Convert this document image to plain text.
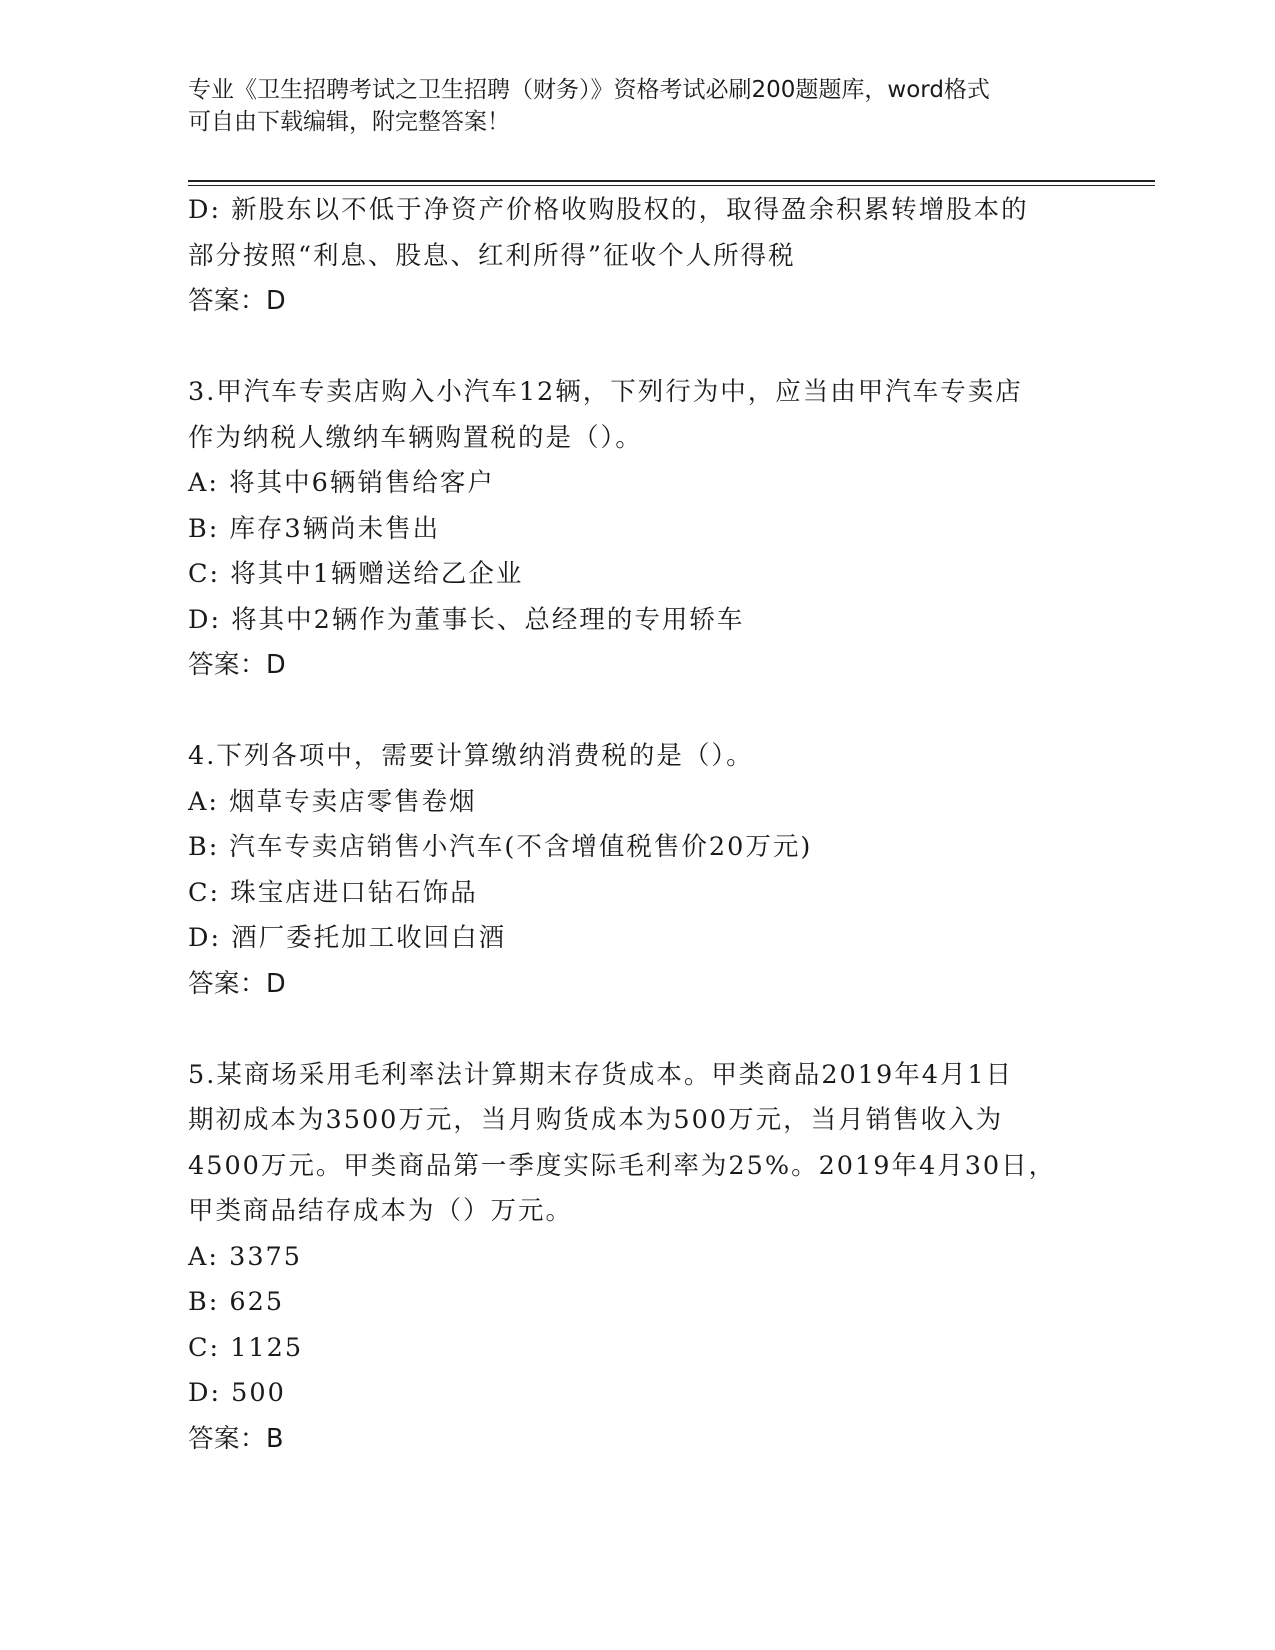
专业《卫生招聘考试之卫生招聘（财务）》资格考试必刷200题题库，word格式
可自由下载编辑，附完整答案！
D: 新股东以不低于净资产价格收购股权的，取得盈余积累转增股本的
部分按照“利息、股息、红利所得”征收个人所得税
答案：D
3.甲汽车专卖店购入小汽车12辆，下列行为中，应当由甲汽车专卖店
作为纳税人缴纳车辆购置税的是（）。
A: 将其中6辆销售给客户
B: 库存3辆尚未售出
C: 将其中1辆赠送给乙企业
D: 将其中2辆作为董事长、总经理的专用轿车
答案：D
4.下列各项中，需要计算缴纳消费税的是（）。
A: 烟草专卖店零售卷烟
B: 汽车专卖店销售小汽车(不含增值税售价20万元)
C: 珠宝店进口钻石饰品
D: 酒厂委托加工收回白酒
答案：D
5.某商场采用毛利率法计算期末存货成本。甲类商品2019年4月1日
期初成本为3500万元，当月购货成本为500万元，当月销售收入为
4500万元。甲类商品第一季度实际毛利率为25%。2019年4月30日，
甲类商品结存成本为（）万元。
A: 3375
B: 625
C: 1125
D: 500
答案：B
